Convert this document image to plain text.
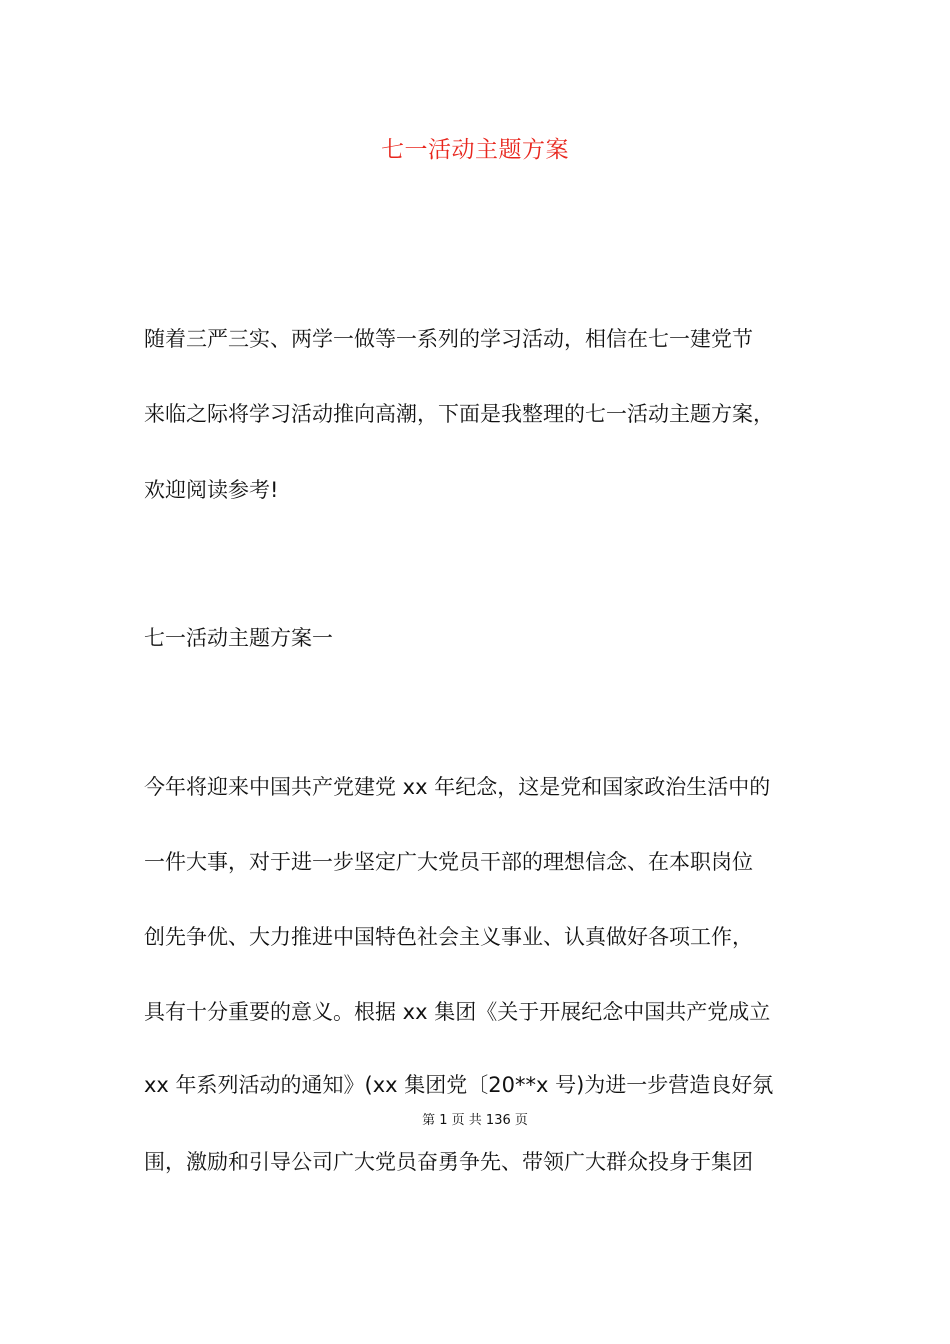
七一活动主题方案
随着三严三实、两学一做等一系列的学习活动，相信在七一建党节
来临之际将学习活动推向高潮，下面是我整理的七一活动主题方案，
欢迎阅读参考!
七一活动主题方案一
今年将迎来中国共产党建党 xx 年纪念，这是党和国家政治生活中的
一件大事，对于进一步坚定广大党员干部的理想信念、在本职岗位
创先争优、大力推进中国特色社会主义事业、认真做好各项工作，
具有十分重要的意义。根据 xx 集团《关于开展纪念中国共产党成立
xx 年系列活动的通知》(xx 集团党〔20**x 号)为进一步营造良好氛
第 1 页 共 136 页
围，激励和引导公司广大党员奋勇争先、带领广大群众投身于集团
